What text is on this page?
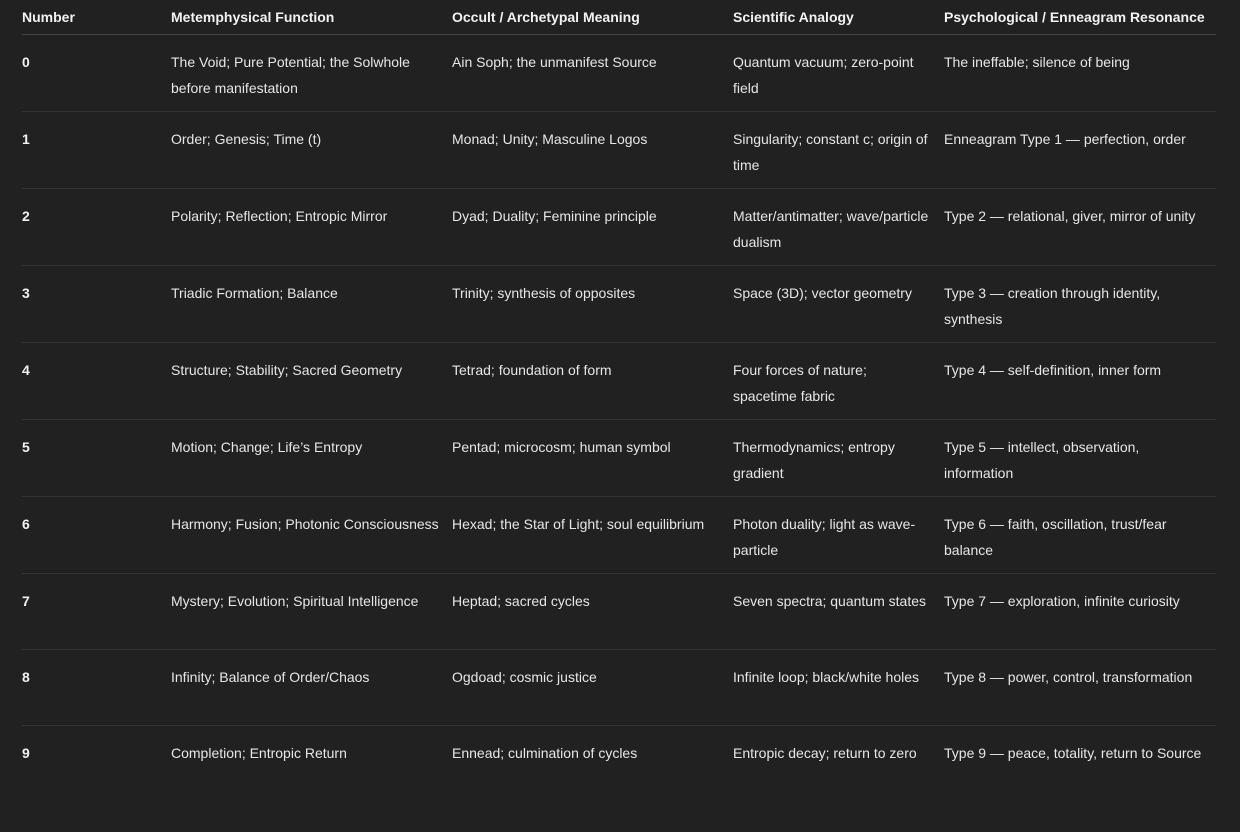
Number	Metemphysical Function	Occult / Archetypal Meaning	Scientific Analogy	Psychological / Enneagram Resonance
0	The Void; Pure Potential; the Solwhole before manifestation	Ain Soph; the unmanifest Source	Quantum vacuum; zero-point field	The ineffable; silence of being
1	Order; Genesis; Time (t)	Monad; Unity; Masculine Logos	Singularity; constant c; origin of time	Enneagram Type 1 — perfection, order
2	Polarity; Reflection; Entropic Mirror	Dyad; Duality; Feminine principle	Matter/antimatter; wave/particle dualism	Type 2 — relational, giver, mirror of unity
3	Triadic Formation; Balance	Trinity; synthesis of opposites	Space (3D); vector geometry	Type 3 — creation through identity, synthesis
4	Structure; Stability; Sacred Geometry	Tetrad; foundation of form	Four forces of nature; spacetime fabric	Type 4 — self-definition, inner form
5	Motion; Change; Life’s Entropy	Pentad; microcosm; human symbol	Thermodynamics; entropy gradient	Type 5 — intellect, observation, information
6	Harmony; Fusion; Photonic Consciousness	Hexad; the Star of Light; soul equilibrium	Photon duality; light as wave-particle	Type 6 — faith, oscillation, trust/fear balance
7	Mystery; Evolution; Spiritual Intelligence	Heptad; sacred cycles	Seven spectra; quantum states	Type 7 — exploration, infinite curiosity
8	Infinity; Balance of Order/Chaos	Ogdoad; cosmic justice	Infinite loop; black/white holes	Type 8 — power, control, transformation
9	Completion; Entropic Return	Ennead; culmination of cycles	Entropic decay; return to zero	Type 9 — peace, totality, return to Source
